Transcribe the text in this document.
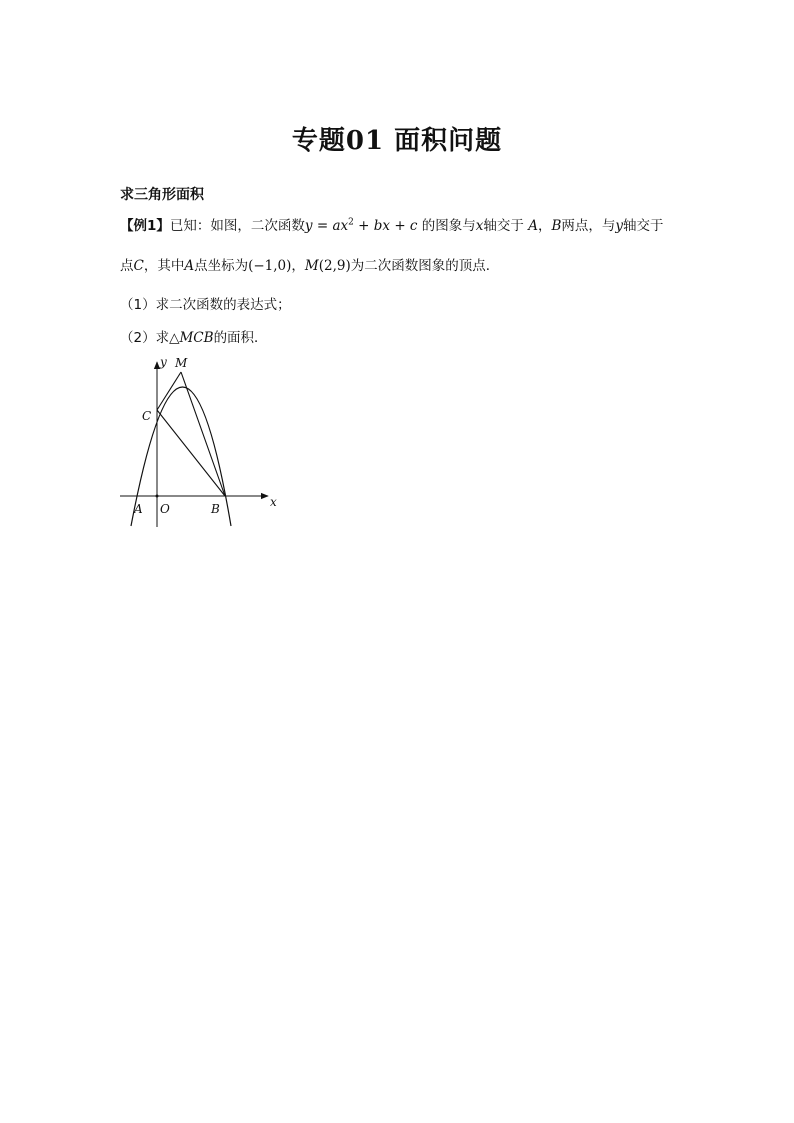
专题01 面积问题
求三角形面积
【例1】已知：如图，二次函数$y = ax^2$ + bx + c 的图象与x轴交于 A，B两点，与y轴交于
点C，其中A点坐标为(−1,0)，M(2,9)为二次函数图象的顶点．
（1）求二次函数的表达式；
（2）求△MCB的面积．
y M
C
A O	B	x
